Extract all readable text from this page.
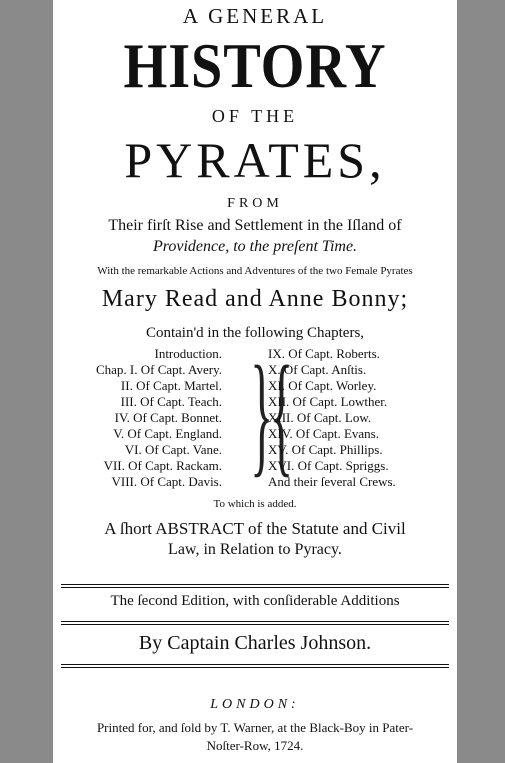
A GENERAL
HISTORY
OF THE
PYRATES,
FROM
Their firſt Rise and Settlement in the Iſland of
Providence, to the preſent Time.
With the remarkable Actions and Adventures of the two Female Pyrates
Mary Read and Anne Bonny;
Contain'd in the following Chapters,
Introduction.
Chap. I. Of Capt. Avery.
II. Of Capt. Martel.
III. Of Capt. Teach.
IV. Of Capt. Bonnet.
V. Of Capt. England.
VI. Of Capt. Vane.
VII. Of Capt. Rackam.
VIII. Of Capt. Davis. }
{
IX. Of Capt. Roberts.
X. Of Capt. Anſtis.
XI. Of Capt. Worley.
XII. Of Capt. Lowther.
XIII. Of Capt. Low.
XIV. Of Capt. Evans.
XV. Of Capt. Phillips.
XVI. Of Capt. Spriggs.
And their ſeveral Crews.
To which is added.
A ſhort ABSTRACT of the Statute and Civil
Law, in Relation to Pyracy.
The ſecond Edition, with conſiderable Additions
By Captain Charles Johnson.
LONDON:
Printed for, and ſold by T. Warner, at the Black-Boy in Pater-
Noſter-Row, 1724.
